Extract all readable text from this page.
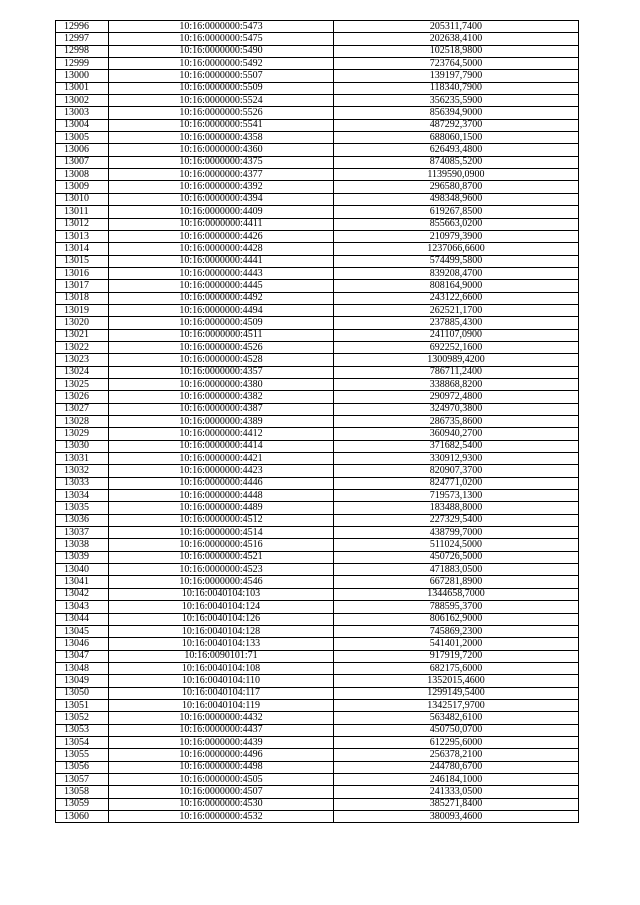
12996	10:16:0000000:5473	205311,7400
12997	10:16:0000000:5475	202638,4100
12998	10:16:0000000:5490	102518,9800
12999	10:16:0000000:5492	723764,5000
13000	10:16:0000000:5507	139197,7900
13001	10:16:0000000:5509	118340,7900
13002	10:16:0000000:5524	356235,5900
13003	10:16:0000000:5526	856394,9000
13004	10:16:0000000:5541	487292,3700
13005	10:16:0000000:4358	688060,1500
13006	10:16:0000000:4360	626493,4800
13007	10:16:0000000:4375	874085,5200
13008	10:16:0000000:4377	1139590,0900
13009	10:16:0000000:4392	296580,8700
13010	10:16:0000000:4394	498348,9600
13011	10:16:0000000:4409	619267,8500
13012	10:16:0000000:4411	855663,0200
13013	10:16:0000000:4426	210979,3900
13014	10:16:0000000:4428	1237066,6600
13015	10:16:0000000:4441	574499,5800
13016	10:16:0000000:4443	839208,4700
13017	10:16:0000000:4445	808164,9000
13018	10:16:0000000:4492	243122,6600
13019	10:16:0000000:4494	262521,1700
13020	10:16:0000000:4509	237885,4300
13021	10:16:0000000:4511	241107,0900
13022	10:16:0000000:4526	692252,1600
13023	10:16:0000000:4528	1300989,4200
13024	10:16:0000000:4357	786711,2400
13025	10:16:0000000:4380	338868,8200
13026	10:16:0000000:4382	290972,4800
13027	10:16:0000000:4387	324970,3800
13028	10:16:0000000:4389	286735,8600
13029	10:16:0000000:4412	360940,2700
13030	10:16:0000000:4414	371682,5400
13031	10:16:0000000:4421	330912,9300
13032	10:16:0000000:4423	820907,3700
13033	10:16:0000000:4446	824771,0200
13034	10:16:0000000:4448	719573,1300
13035	10:16:0000000:4489	183488,8000
13036	10:16:0000000:4512	227329,5400
13037	10:16:0000000:4514	438799,7000
13038	10:16:0000000:4516	511024,5000
13039	10:16:0000000:4521	450726,5000
13040	10:16:0000000:4523	471883,0500
13041	10:16:0000000:4546	667281,8900
13042	10:16:0040104:103	1344658,7000
13043	10:16:0040104:124	788595,3700
13044	10:16:0040104:126	806162,9000
13045	10:16:0040104:128	745869,2300
13046	10:16:0040104:133	541401,2000
13047	10:16:0090101:71	917919,7200
13048	10:16:0040104:108	682175,6000
13049	10:16:0040104:110	1352015,4600
13050	10:16:0040104:117	1299149,5400
13051	10:16:0040104:119	1342517,9700
13052	10:16:0000000:4432	563482,6100
13053	10:16:0000000:4437	450750,0700
13054	10:16:0000000:4439	612295,6000
13055	10:16:0000000:4496	256378,2100
13056	10:16:0000000:4498	244780,6700
13057	10:16:0000000:4505	246184,1000
13058	10:16:0000000:4507	241333,0500
13059	10:16:0000000:4530	385271,8400
13060	10:16:0000000:4532	380093,4600
